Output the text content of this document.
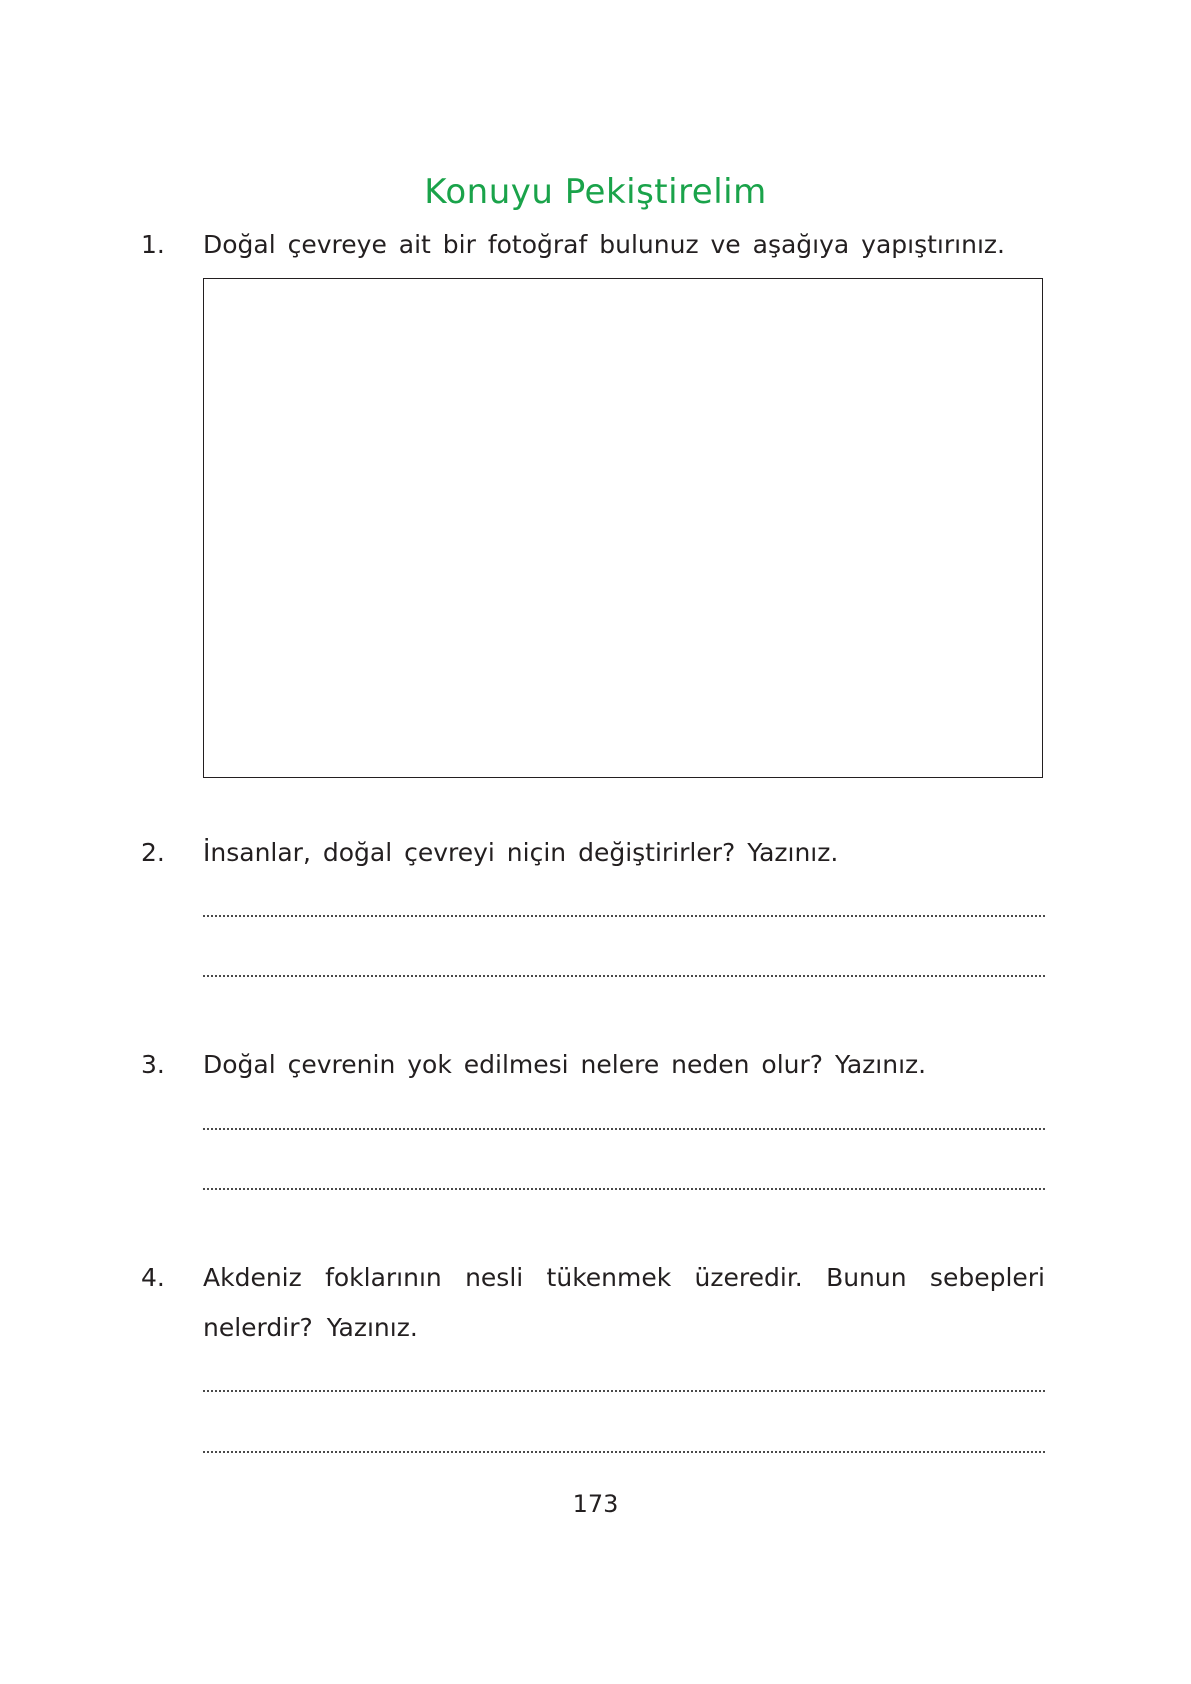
Konuyu Pekiştirelim
1. Doğal çevreye ait bir fotoğraf bulunuz ve aşağıya yapıştırınız.
2. İnsanlar, doğal çevreyi niçin değiştirirler? Yazınız.
3. Doğal çevrenin yok edilmesi nelere neden olur? Yazınız.
4. Akdeniz foklarının nesli tükenmek üzeredir. Bunun sebepleri nelerdir? Yazınız.
173
